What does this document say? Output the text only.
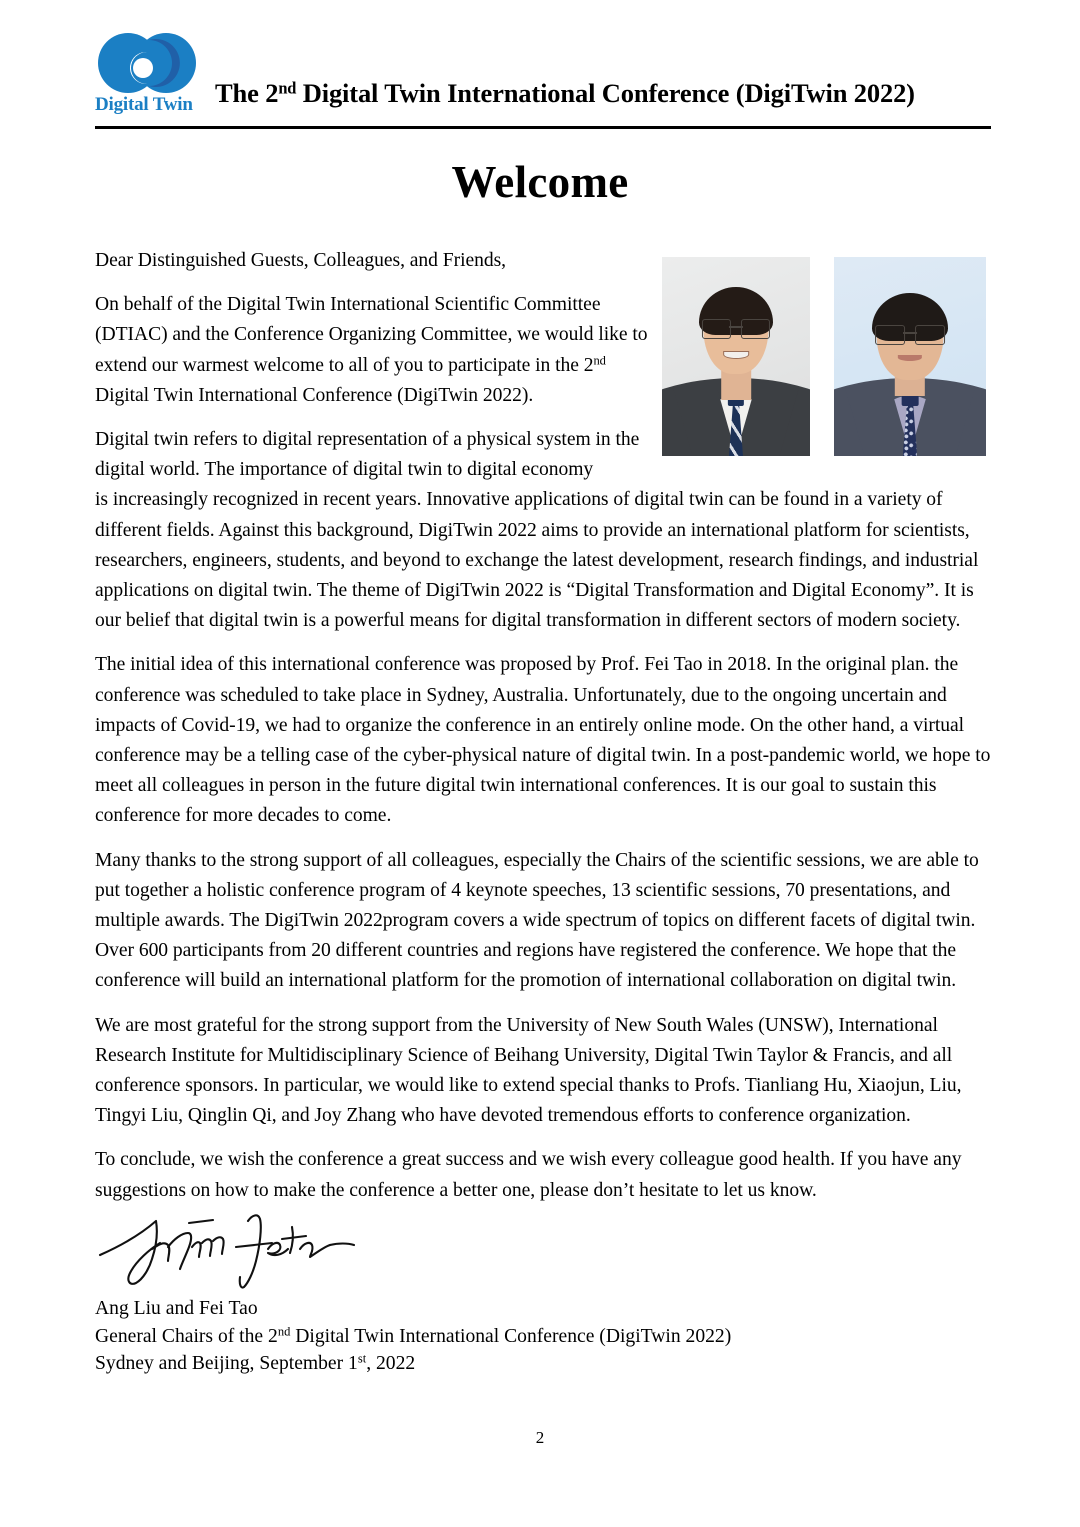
Digital Twin The 2nd Digital Twin International Conference (DigiTwin 2022)
Welcome

Dear Distinguished Guests, Colleagues, and Friends,

On behalf of the Digital Twin International Scientific Committee (DTIAC) and the Conference Organizing Committee, we would like to extend our warmest welcome to all of you to participate in the 2nd Digital Twin International Conference (DigiTwin 2022).

Digital twin refers to digital representation of a physical system in the digital world. The importance of digital twin to digital economy

is increasingly recognized in recent years. Innovative applications of digital twin can be found in a variety of different fields. Against this background, DigiTwin 2022 aims to provide an international platform for scientists, researchers, engineers, students, and beyond to exchange the latest development, research findings, and industrial applications on digital twin. The theme of DigiTwin 2022 is “Digital Transformation and Digital Economy”. It is our belief that digital twin is a powerful means for digital transformation in different sectors of modern society.

The initial idea of this international conference was proposed by Prof. Fei Tao in 2018. In the original plan. the conference was scheduled to take place in Sydney, Australia. Unfortunately, due to the ongoing uncertain and impacts of Covid-19, we had to organize the conference in an entirely online mode. On the other hand, a virtual conference may be a telling case of the cyber-physical nature of digital twin. In a post-pandemic world, we hope to meet all colleagues in person in the future digital twin international conferences. It is our goal to sustain this conference for more decades to come.

Many thanks to the strong support of all colleagues, especially the Chairs of the scientific sessions, we are able to put together a holistic conference program of 4 keynote speeches, 13 scientific sessions, 70 presentations, and multiple awards. The DigiTwin 2022program covers a wide spectrum of topics on different facets of digital twin. Over 600 participants from 20 different countries and regions have registered the conference. We hope that the conference will build an international platform for the promotion of international collaboration on digital twin.

We are most grateful for the strong support from the University of New South Wales (UNSW), International Research Institute for Multidisciplinary Science of Beihang University, Digital Twin Taylor & Francis, and all conference sponsors. In particular, we would like to extend special thanks to Profs. Tianliang Hu, Xiaojun, Liu, Tingyi Liu, Qinglin Qi, and Joy Zhang who have devoted tremendous efforts to conference organization.

To conclude, we wish the conference a great success and we wish every colleague good health. If you have any suggestions on how to make the conference a better one, please don’t hesitate to let us know.

Ang Liu and Fei Tao
General Chairs of the 2nd Digital Twin International Conference (DigiTwin 2022)
Sydney and Beijing, September 1st, 2022
2
